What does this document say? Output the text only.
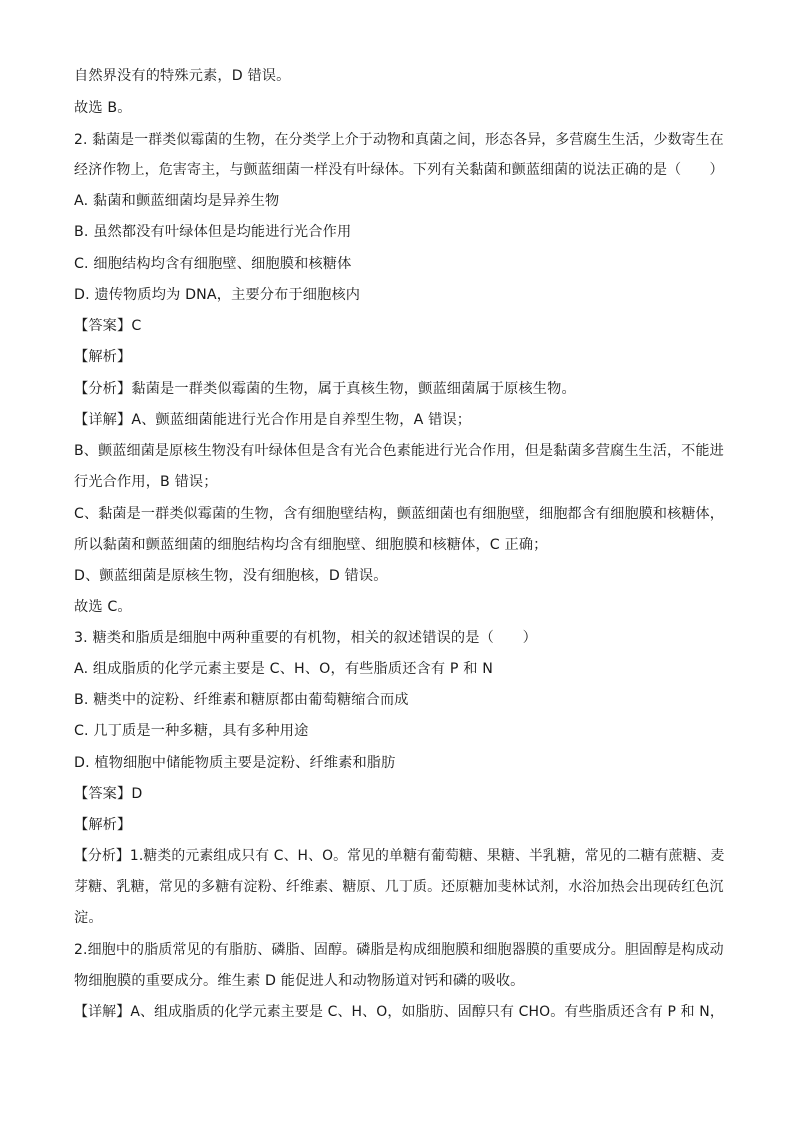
自然界没有的特殊元素，D 错误。
故选 B。
2. 黏菌是一群类似霉菌的生物，在分类学上介于动物和真菌之间，形态各异，多营腐生生活，少数寄生在
经济作物上，危害寄主，与颤蓝细菌一样没有叶绿体。下列有关黏菌和颤蓝细菌的说法正确的是（　　）
A. 黏菌和颤蓝细菌均是异养生物
B. 虽然都没有叶绿体但是均能进行光合作用
C. 细胞结构均含有细胞壁、细胞膜和核糖体
D. 遗传物质均为 DNA，主要分布于细胞核内
【答案】C
【解析】
【分析】黏菌是一群类似霉菌的生物，属于真核生物，颤蓝细菌属于原核生物。
【详解】A、颤蓝细菌能进行光合作用是自养型生物，A 错误；
B、颤蓝细菌是原核生物没有叶绿体但是含有光合色素能进行光合作用，但是黏菌多营腐生生活，不能进
行光合作用，B 错误；
C、黏菌是一群类似霉菌的生物，含有细胞壁结构，颤蓝细菌也有细胞壁，细胞都含有细胞膜和核糖体，
所以黏菌和颤蓝细菌的细胞结构均含有细胞壁、细胞膜和核糖体，C 正确；
D、颤蓝细菌是原核生物，没有细胞核，D 错误。
故选 C。
3. 糖类和脂质是细胞中两种重要的有机物，相关的叙述错误的是（　　）
A. 组成脂质的化学元素主要是 C、H、O，有些脂质还含有 P 和 N
B. 糖类中的淀粉、纤维素和糖原都由葡萄糖缩合而成
C. 几丁质是一种多糖，具有多种用途
D. 植物细胞中储能物质主要是淀粉、纤维素和脂肪
【答案】D
【解析】
【分析】1.糖类的元素组成只有 C、H、O。常见的单糖有葡萄糖、果糖、半乳糖，常见的二糖有蔗糖、麦
芽糖、乳糖，常见的多糖有淀粉、纤维素、糖原、几丁质。还原糖加斐林试剂，水浴加热会出现砖红色沉
淀。
2.细胞中的脂质常见的有脂肪、磷脂、固醇。磷脂是构成细胞膜和细胞器膜的重要成分。胆固醇是构成动
物细胞膜的重要成分。维生素 D 能促进人和动物肠道对钙和磷的吸收。
【详解】A、组成脂质的化学元素主要是 C、H、O，如脂肪、固醇只有 CHO。有些脂质还含有 P 和 N，
